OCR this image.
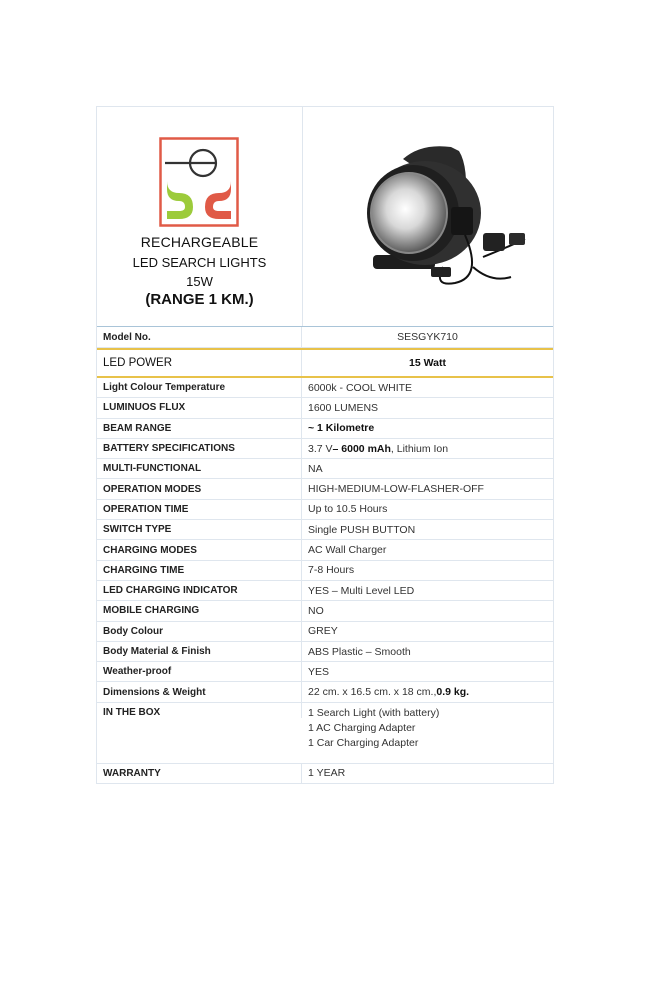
RECHARGEABLE
LED SEARCH LIGHTS
15W
(RANGE 1 KM.)
Model No.	SESGYK710
LED POWER	15 Watt
Light Colour Temperature	6000k - COOL WHITE
LUMINUOS FLUX	1600 LUMENS
BEAM RANGE	~ 1 Kilometre
BATTERY SPECIFICATIONS	3.7 V – 6000 mAh , Lithium Ion
MULTI-FUNCTIONAL	NA
OPERATION MODES	HIGH-MEDIUM-LOW-FLASHER-OFF
OPERATION TIME	Up to 10.5 Hours
SWITCH TYPE	Single PUSH BUTTON
CHARGING MODES	AC Wall Charger
CHARGING TIME	7-8 Hours
LED CHARGING INDICATOR	YES – Multi Level LED
MOBILE CHARGING	NO
Body Colour	GREY
Body Material & Finish	ABS Plastic – Smooth
Weather-proof	YES
Dimensions & Weight	22 cm. x 16.5 cm. x 18 cm., 0.9 kg.
IN THE BOX	1 Search Light (with battery)
1 AC Charging Adapter
1 Car Charging Adapter
WARRANTY	1 YEAR
